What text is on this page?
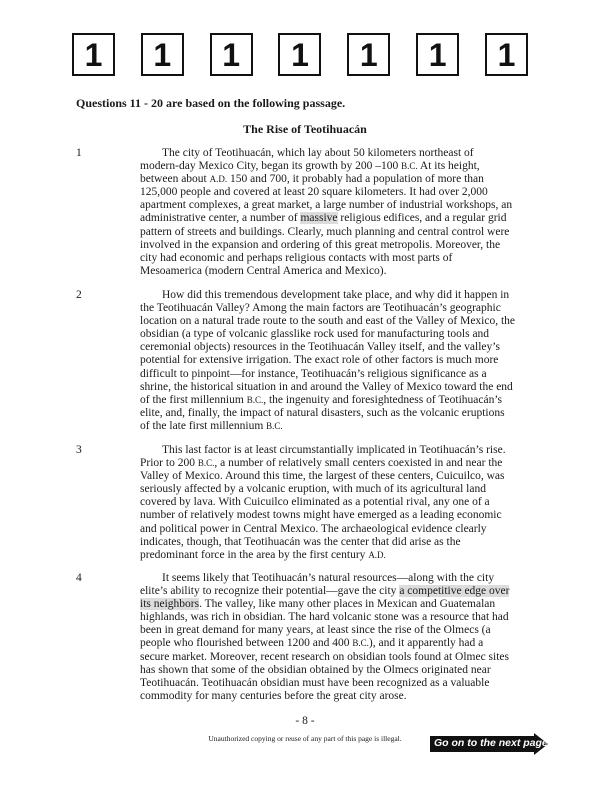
1	1	1	1	1	1	1
Questions 11 - 20 are based on the following passage.
The Rise of Teotihuacán
1	The city of Teotihuacán, which lay about 50 kilometers northeast of
modern-day Mexico City, began its growth by 200 –100 B.C. At its height,
between about A.D. 150 and 700, it probably had a population of more than
125,000 people and covered at least 20 square kilometers. It had over 2,000
apartment complexes, a great market, a large number of industrial workshops, an
administrative center, a number of massive religious edifices, and a regular grid
pattern of streets and buildings. Clearly, much planning and central control were
involved in the expansion and ordering of this great metropolis. Moreover, the
city had economic and perhaps religious contacts with most parts of
Mesoamerica (modern Central America and Mexico).
2	How did this tremendous development take place, and why did it happen in
the Teotihuacán Valley? Among the main factors are Teotihuacán’s geographic
location on a natural trade route to the south and east of the Valley of Mexico, the
obsidian (a type of volcanic glasslike rock used for manufacturing tools and
ceremonial objects) resources in the Teotihuacán Valley itself, and the valley’s
potential for extensive irrigation. The exact role of other factors is much more
difficult to pinpoint—for instance, Teotihuacán’s religious significance as a
shrine, the historical situation in and around the Valley of Mexico toward the end
of the first millennium B.C., the ingenuity and foresightedness of Teotihuacán’s
elite, and, finally, the impact of natural disasters, such as the volcanic eruptions
of the late first millennium B.C.
3	This last factor is at least circumstantially implicated in Teotihuacán’s rise.
Prior to 200 B.C., a number of relatively small centers coexisted in and near the
Valley of Mexico. Around this time, the largest of these centers, Cuicuilco, was
seriously affected by a volcanic eruption, with much of its agricultural land
covered by lava. With Cuicuilco eliminated as a potential rival, any one of a
number of relatively modest towns might have emerged as a leading economic
and political power in Central Mexico. The archaeological evidence clearly
indicates, though, that Teotihuacán was the center that did arise as the
predominant force in the area by the first century A.D.
4	It seems likely that Teotihuacán’s natural resources—along with the city
elite’s ability to recognize their potential—gave the city a competitive edge over
its neighbors. The valley, like many other places in Mexican and Guatemalan
highlands, was rich in obsidian. The hard volcanic stone was a resource that had
been in great demand for many years, at least since the rise of the Olmecs (a
people who flourished between 1200 and 400 B.C.), and it apparently had a
secure market. Moreover, recent research on obsidian tools found at Olmec sites
has shown that some of the obsidian obtained by the Olmecs originated near
Teotihuacán. Teotihuacán obsidian must have been recognized as a valuable
commodity for many centuries before the great city arose.
- 8 -
Unauthorized copying or reuse of any part of this page is illegal.	Go on to the next page
